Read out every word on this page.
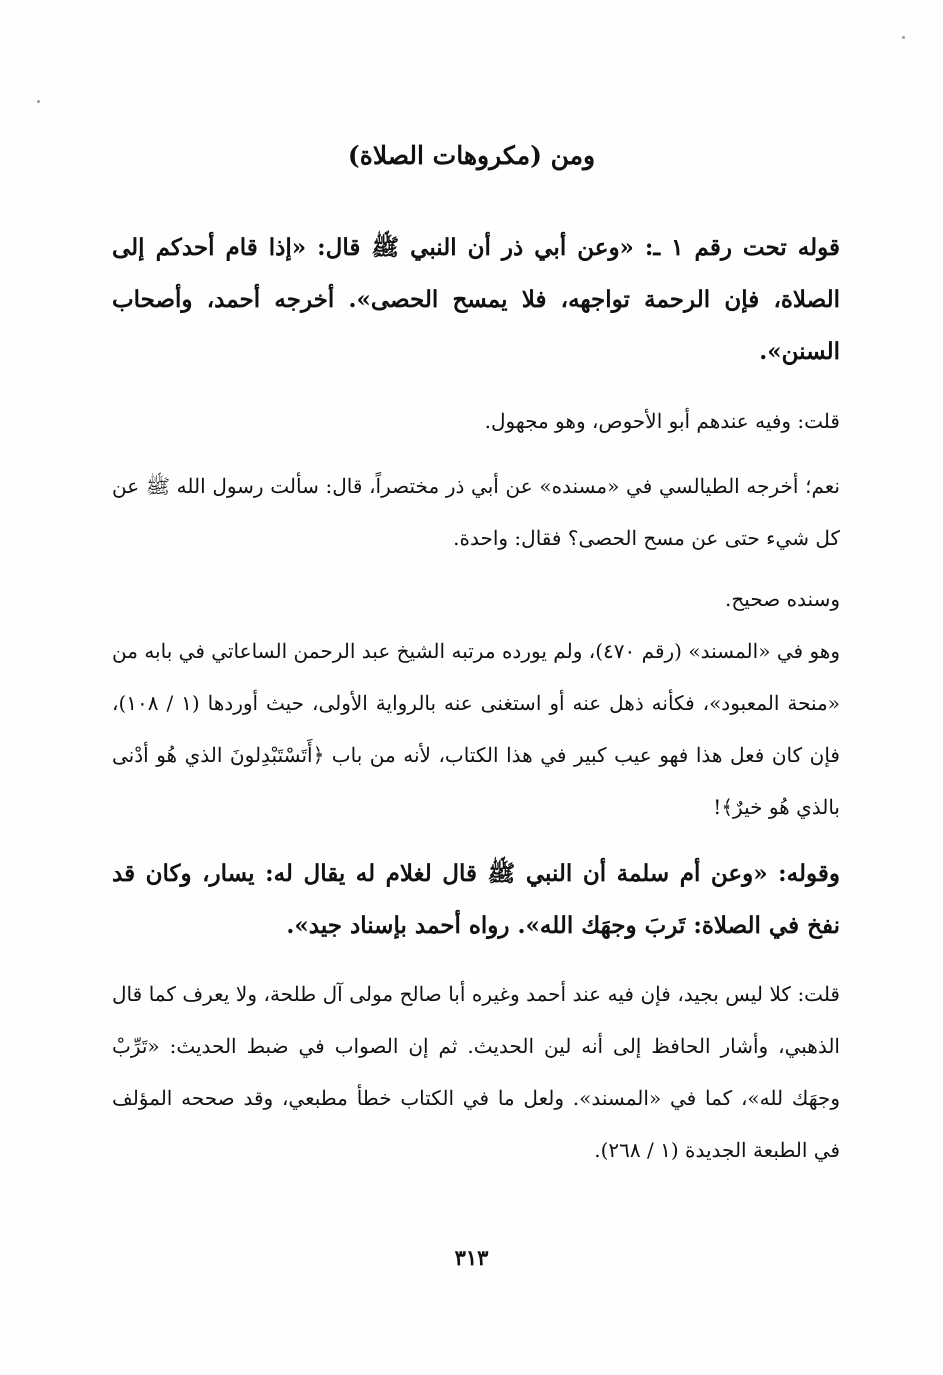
ومن (مكروهات الصلاة)
قوله تحت رقم ١ ـ: «وعن أبي ذر أن النبي ﷺ قال: «إذا قام أحدكم إلى الصلاة، فإن الرحمة تواجهه، فلا يمسح الحصى». أخرجه أحمد، وأصحاب السنن».
قلت: وفيه عندهم أبو الأحوص، وهو مجهول.
نعم؛ أخرجه الطيالسي في «مسنده» عن أبي ذر مختصراً، قال: سألت رسول الله ﷺ عن كل شيء حتى عن مسح الحصى؟ فقال: واحدة.
وسنده صحيح.
وهو في «المسند» (رقم ٤٧٠)، ولم يورده مرتبه الشيخ عبد الرحمن الساعاتي في بابه من «منحة المعبود»، فكأنه ذهل عنه أو استغنى عنه بالرواية الأولى، حيث أوردها (١ / ١٠٨)، فإن كان فعل هذا فهو عيب كبير في هذا الكتاب، لأنه من باب ﴿أَتَسْتَبْدِلونَ الذي هُو أدْنى بالذي هُو خيرٌ﴾!
وقوله: «وعن أم سلمة أن النبي ﷺ قال لغلام له يقال له: يسار، وكان قد نفخ في الصلاة: تَربَ وجهَك الله». رواه أحمد بإسناد جيد».
قلت: كلا ليس بجيد، فإن فيه عند أحمد وغيره أبا صالح مولى آل طلحة، ولا يعرف كما قال الذهبي، وأشار الحافظ إلى أنه لين الحديث. ثم إن الصواب في ضبط الحديث: «تَرِّبْ وجهَك لله»، كما في «المسند». ولعل ما في الكتاب خطأ مطبعي، وقد صححه المؤلف في الطبعة الجديدة (١ / ٢٦٨).
٣١٣
